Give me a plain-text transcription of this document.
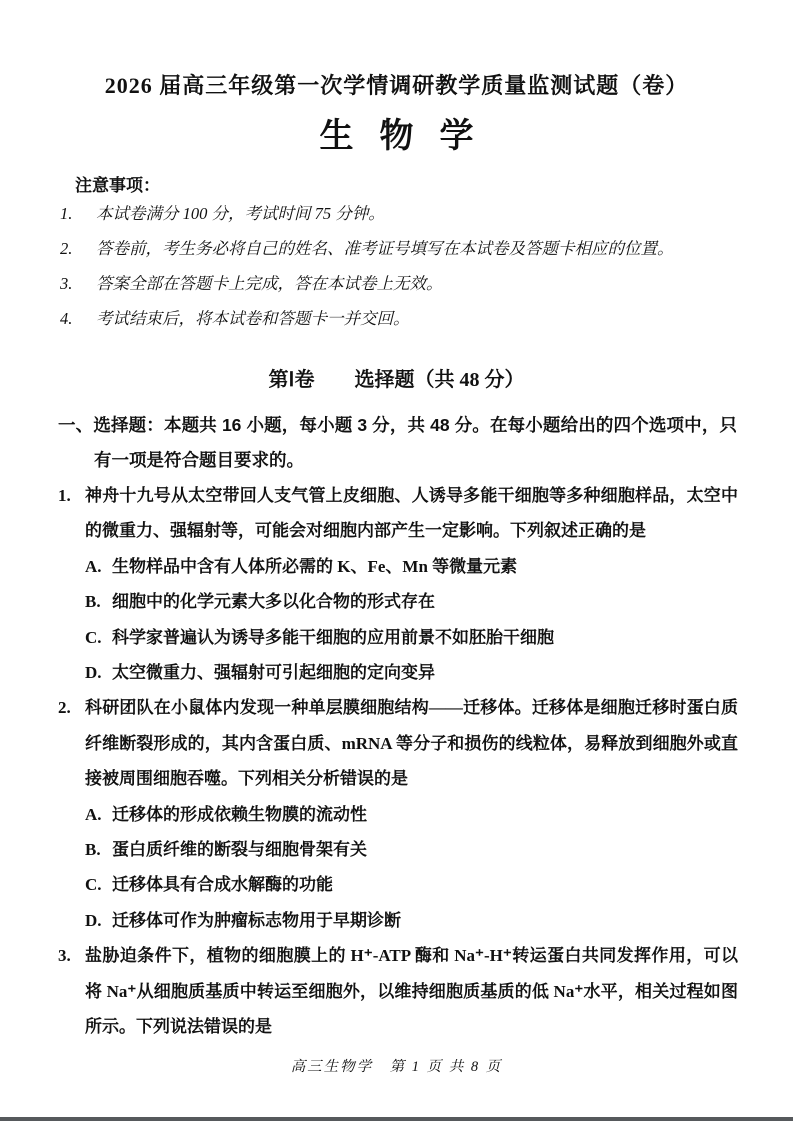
2026 届高三年级第一次学情调研教学质量监测试题（卷）
生物学
注意事项：
1. 本试卷满分 100 分，考试时间 75 分钟。
2. 答卷前，考生务必将自己的姓名、准考证号填写在本试卷及答题卡相应的位置。
3. 答案全部在答题卡上完成，答在本试卷上无效。
4. 考试结束后，将本试卷和答题卡一并交回。
第Ⅰ卷　　选择题（共 48 分）
一、选择题：本题共 16 小题，每小题 3 分，共 48 分。在每小题给出的四个选项中，只有一项是符合题目要求的。
1. 神舟十九号从太空带回人支气管上皮细胞、人诱导多能干细胞等多种细胞样品，太空中的微重力、强辐射等，可能会对细胞内部产生一定影响。下列叙述正确的是
A. 生物样品中含有人体所必需的 K、Fe、Mn 等微量元素
B. 细胞中的化学元素大多以化合物的形式存在
C. 科学家普遍认为诱导多能干细胞的应用前景不如胚胎干细胞
D. 太空微重力、强辐射可引起细胞的定向变异
2. 科研团队在小鼠体内发现一种单层膜细胞结构——迁移体。迁移体是细胞迁移时蛋白质纤维断裂形成的，其内含蛋白质、mRNA 等分子和损伤的线粒体，易释放到细胞外或直接被周围细胞吞噬。下列相关分析错误的是
A. 迁移体的形成依赖生物膜的流动性
B. 蛋白质纤维的断裂与细胞骨架有关
C. 迁移体具有合成水解酶的功能
D. 迁移体可作为肿瘤标志物用于早期诊断
3. 盐胁迫条件下，植物的细胞膜上的 H⁺-ATP 酶和 Na⁺-H⁺转运蛋白共同发挥作用，可以将 Na⁺从细胞质基质中转运至细胞外，以维持细胞质基质的低 Na⁺水平，相关过程如图所示。下列说法错误的是
高三生物学　第 1 页 共 8 页
